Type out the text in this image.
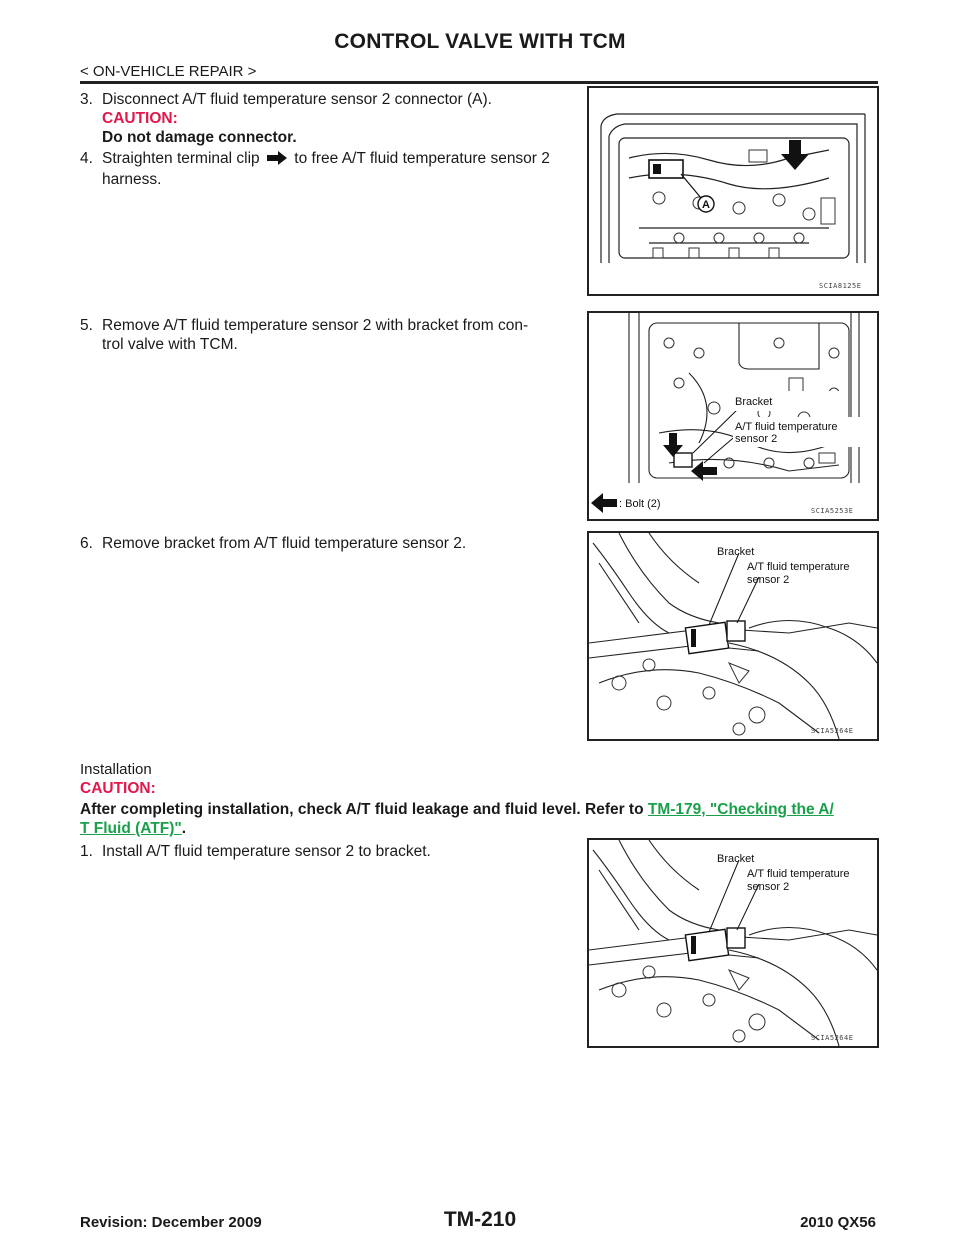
CONTROL VALVE WITH TCM
< ON-VEHICLE REPAIR >
3. Disconnect A/T fluid temperature sensor 2 connector (A).
CAUTION:
Do not damage connector.
4. Straighten terminal clip to free A/T fluid temperature sensor 2
harness.
5. Remove A/T fluid temperature sensor 2 with bracket from con-
trol valve with TCM.
6. Remove bracket from A/T fluid temperature sensor 2.
Installation
CAUTION:
After completing installation, check A/T fluid leakage and fluid level. Refer to TM-179, "Checking the A/
T Fluid (ATF)".
1. Install A/T fluid temperature sensor 2 to bracket.
A
SCIA8125E
Bracket
A/T fluid temperature
sensor 2
: Bolt (2)
SCIA5253E
Bracket
A/T fluid temperature
sensor 2
SCIA5264E
Bracket
A/T fluid temperature
sensor 2
SCIA5264E
Revision: December 2009	TM-210	2010 QX56
